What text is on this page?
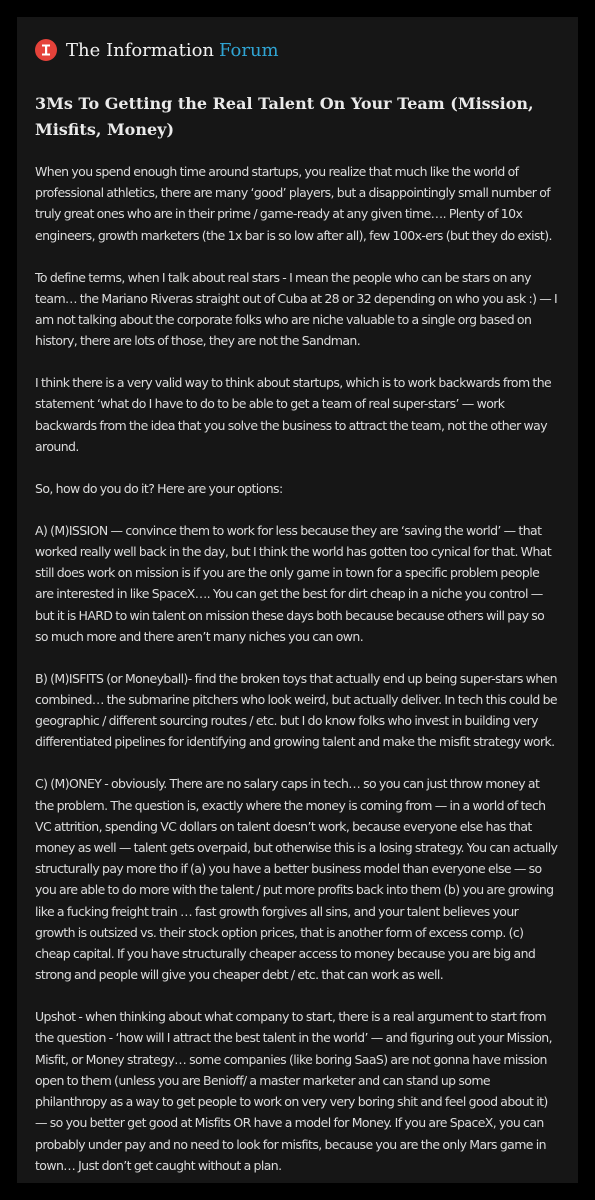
The Information Forum
3Ms To Getting the Real Talent On Your Team (Mission, Misfits, Money)

When you spend enough time around startups, you realize that much like the world of professional athletics, there are many ‘good’ players, but a disappointingly small number of truly great ones who are in their prime / game-ready at any given time…. Plenty of 10x engineers, growth marketers (the 1x bar is so low after all), few 100x-ers (but they do exist).

To define terms, when I talk about real stars - I mean the people who can be stars on any team… the Mariano Riveras straight out of Cuba at 28 or 32 depending on who you ask :) — I am not talking about the corporate folks who are niche valuable to a single org based on history, there are lots of those, they are not the Sandman.

I think there is a very valid way to think about startups, which is to work backwards from the statement ‘what do I have to do to be able to get a team of real super-stars’ — work backwards from the idea that you solve the business to attract the team, not the other way around.

So, how do you do it? Here are your options:

A) (M)ISSION — convince them to work for less because they are ‘saving the world’ — that worked really well back in the day, but I think the world has gotten too cynical for that. What still does work on mission is if you are the only game in town for a specific problem people are interested in like SpaceX…. You can get the best for dirt cheap in a niche you control — but it is HARD to win talent on mission these days both because because others will pay so so much more and there aren’t many niches you can own.

B) (M)ISFITS (or Moneyball)- find the broken toys that actually end up being super-stars when combined… the submarine pitchers who look weird, but actually deliver. In tech this could be geographic / different sourcing routes / etc. but I do know folks who invest in building very differentiated pipelines for identifying and growing talent and make the misfit strategy work.

C) (M)ONEY - obviously. There are no salary caps in tech… so you can just throw money at the problem. The question is, exactly where the money is coming from — in a world of tech VC attrition, spending VC dollars on talent doesn’t work, because everyone else has that money as well — talent gets overpaid, but otherwise this is a losing strategy. You can actually structurally pay more tho if (a) you have a better business model than everyone else — so you are able to do more with the talent / put more profits back into them (b) you are growing like a fucking freight train … fast growth forgives all sins, and your talent believes your growth is outsized vs. their stock option prices, that is another form of excess comp. (c) cheap capital. If you have structurally cheaper access to money because you are big and strong and people will give you cheaper debt / etc. that can work as well.

Upshot - when thinking about what company to start, there is a real argument to start from the question - ‘how will I attract the best talent in the world’ — and figuring out your Mission, Misfit, or Money strategy… some companies (like boring SaaS) are not gonna have mission open to them (unless you are Benioff/ a master marketer and can stand up some philanthropy as a way to get people to work on very very boring shit and feel good about it) — so you better get good at Misfits OR have a model for Money. If you are SpaceX, you can probably under pay and no need to look for misfits, because you are the only Mars game in town… Just don’t get caught without a plan.
